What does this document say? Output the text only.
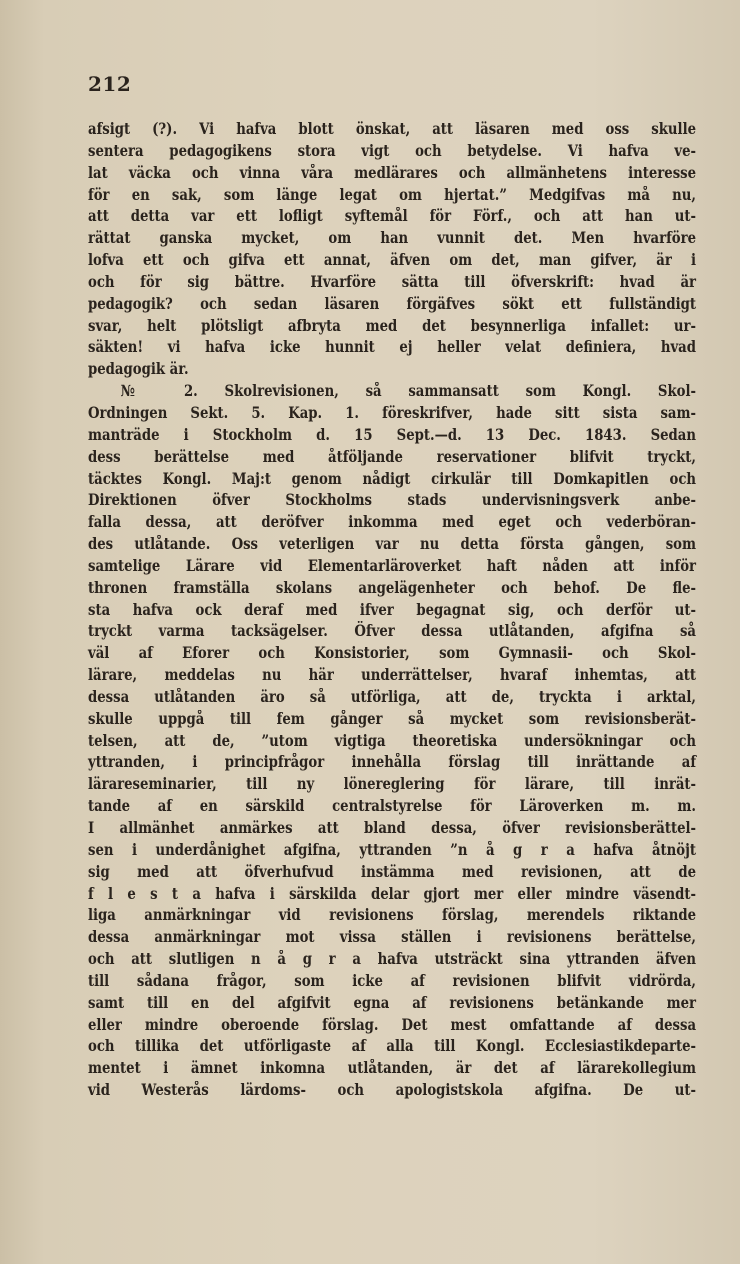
212
afsigt (?). Vi hafva blott önskat, att läsaren med oss skulle
sentera pedagogikens stora vigt och betydelse. Vi hafva ve-
lat väcka och vinna våra medlärares och allmänhetens interesse
för en sak, som länge legat om hjertat.” Medgifvas må nu,
att detta var ett lofligt syftemål för Förf., och att han ut-
rättat ganska mycket, om han vunnit det. Men hvarföre
lofva ett och gifva ett annat, äfven om det, man gifver, är i
och för sig bättre. Hvarföre sätta till öfverskrift: hvad är
pedagogik? och sedan läsaren förgäfves sökt ett fullständigt
svar, helt plötsligt afbryta med det besynnerliga infallet: ur-
säkten! vi hafva icke hunnit ej heller velat definiera, hvad
pedagogik är.
№ 2. Skolrevisionen, så sammansatt som Kongl. Skol-
Ordningen Sekt. 5. Kap. 1. föreskrifver, hade sitt sista sam-
manträde i Stockholm d. 15 Sept.—d. 13 Dec. 1843. Sedan
dess berättelse med åtföljande reservationer blifvit tryckt,
täcktes Kongl. Maj:t genom nådigt cirkulär till Domkapitlen och
Direktionen öfver Stockholms stads undervisningsverk anbe-
falla dessa, att deröfver inkomma med eget och vederböran-
des utlåtande. Oss veterligen var nu detta första gången, som
samtelige Lärare vid Elementarläroverket haft nåden att inför
thronen framställa skolans angelägenheter och behof. De fle-
sta hafva ock deraf med ifver begagnat sig, och derför ut-
tryckt varma tacksägelser. Öfver dessa utlåtanden, afgifna så
väl af Eforer och Konsistorier, som Gymnasii- och Skol-
lärare, meddelas nu här underrättelser, hvaraf inhemtas, att
dessa utlåtanden äro så utförliga, att de, tryckta i arktal,
skulle uppgå till fem gånger så mycket som revisionsberät-
telsen, att de, ”utom vigtiga theoretiska undersökningar och
yttranden, i principfrågor innehålla förslag till inrättande af
lärareseminarier, till ny lönereglering för lärare, till inrät-
tande af en särskild centralstyrelse för Läroverken m. m.
I allmänhet anmärkes att bland dessa, öfver revisionsberättel-
sen i underdånighet afgifna, yttranden ”n å g r a hafva åtnöjt
sig med att öfverhufvud instämma med revisionen, att de
f l e s t a hafva i särskilda delar gjort mer eller mindre väsendt-
liga anmärkningar vid revisionens förslag, merendels riktande
dessa anmärkningar mot vissa ställen i revisionens berättelse,
och att slutligen n å g r a hafva utsträckt sina yttranden äfven
till sådana frågor, som icke af revisionen blifvit vidrörda,
samt till en del afgifvit egna af revisionens betänkande mer
eller mindre oberoende förslag. Det mest omfattande af dessa
och tillika det utförligaste af alla till Kongl. Ecclesiastikdeparte-
mentet i ämnet inkomna utlåtanden, är det af lärarekollegium
vid Westerås lärdoms- och apologistskola afgifna. De ut-
